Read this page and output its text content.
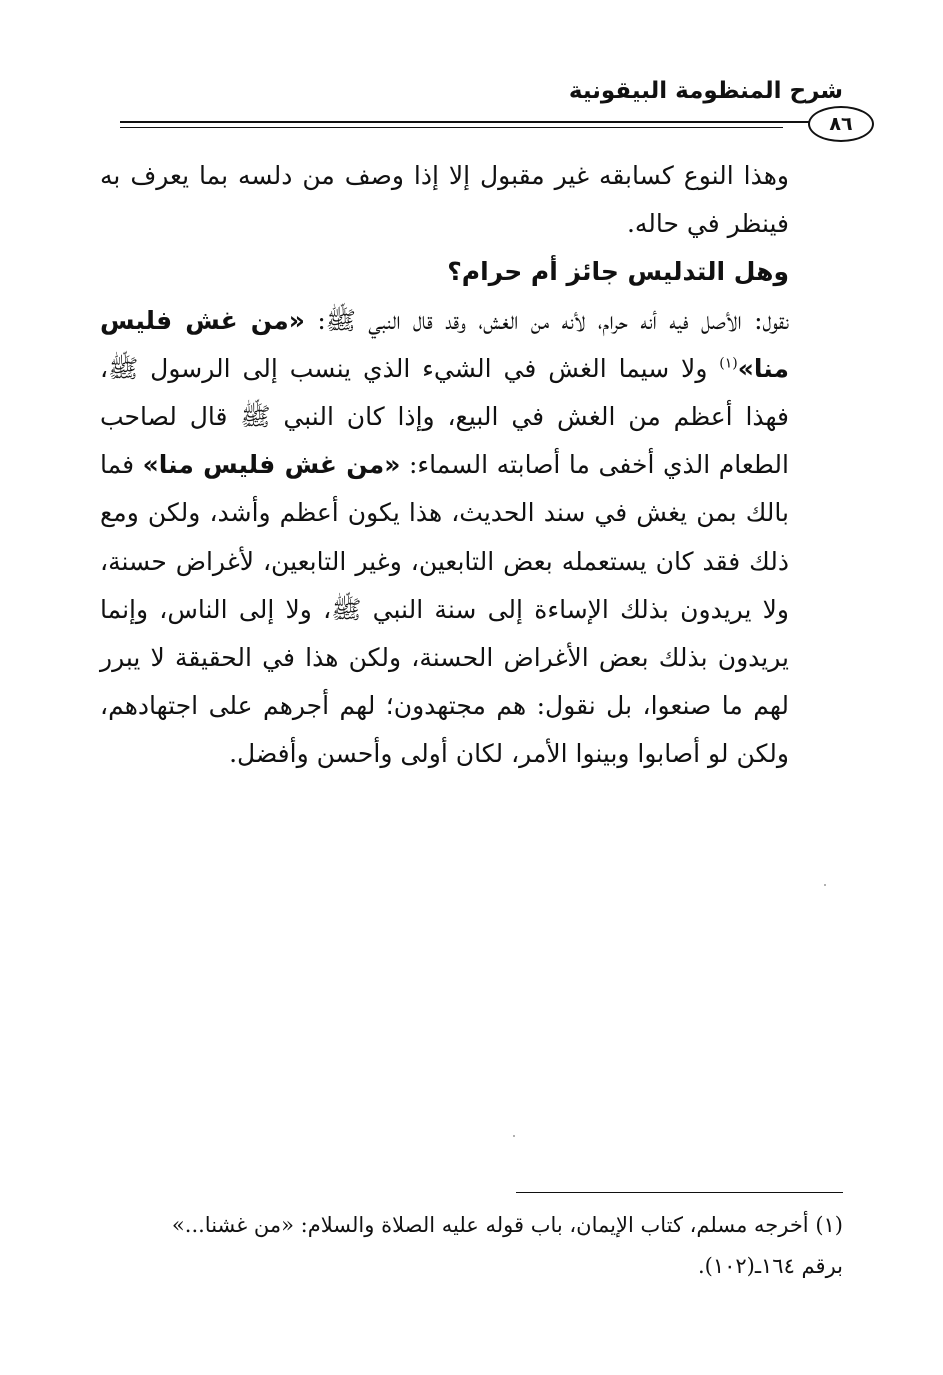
شرح المنظومة البيقونية
٨٦

وهذا النوع كسابقه غير مقبول إلا إذا وصف من دلسه بما يعرف به فينظر في حاله.

وهل التدليس جائز أم حرام؟

نقول: الأصل فيه أنه حرام، لأنه من الغش، وقد قال النبي ﷺ: «من غش فليس منا»$^{(١)}$ ولا سيما الغش في الشيء الذي ينسب إلى الرسول ﷺ، فهذا أعظم من الغش في البيع، وإذا كان النبي ﷺ قال لصاحب الطعام الذي أخفى ما أصابته السماء: «من غش فليس منا» فما بالك بمن يغش في سند الحديث، هذا يكون أعظم وأشد، ولكن ومع ذلك فقد كان يستعمله بعض التابعين، وغير التابعين، لأغراض حسنة، ولا يريدون بذلك الإساءة إلى سنة النبي ﷺ، ولا إلى الناس، وإنما يريدون بذلك بعض الأغراض الحسنة، ولكن هذا في الحقيقة لا يبرر لهم ما صنعوا، بل نقول: هم مجتهدون؛ لهم أجرهم على اجتهادهم، ولكن لو أصابوا وبينوا الأمر، لكان أولى وأحسن وأفضل.

(١) أخرجه مسلم، كتاب الإيمان، باب قوله عليه الصلاة والسلام: «من غشنا...»

برقم ١٦٤ـ(١٠٢).
